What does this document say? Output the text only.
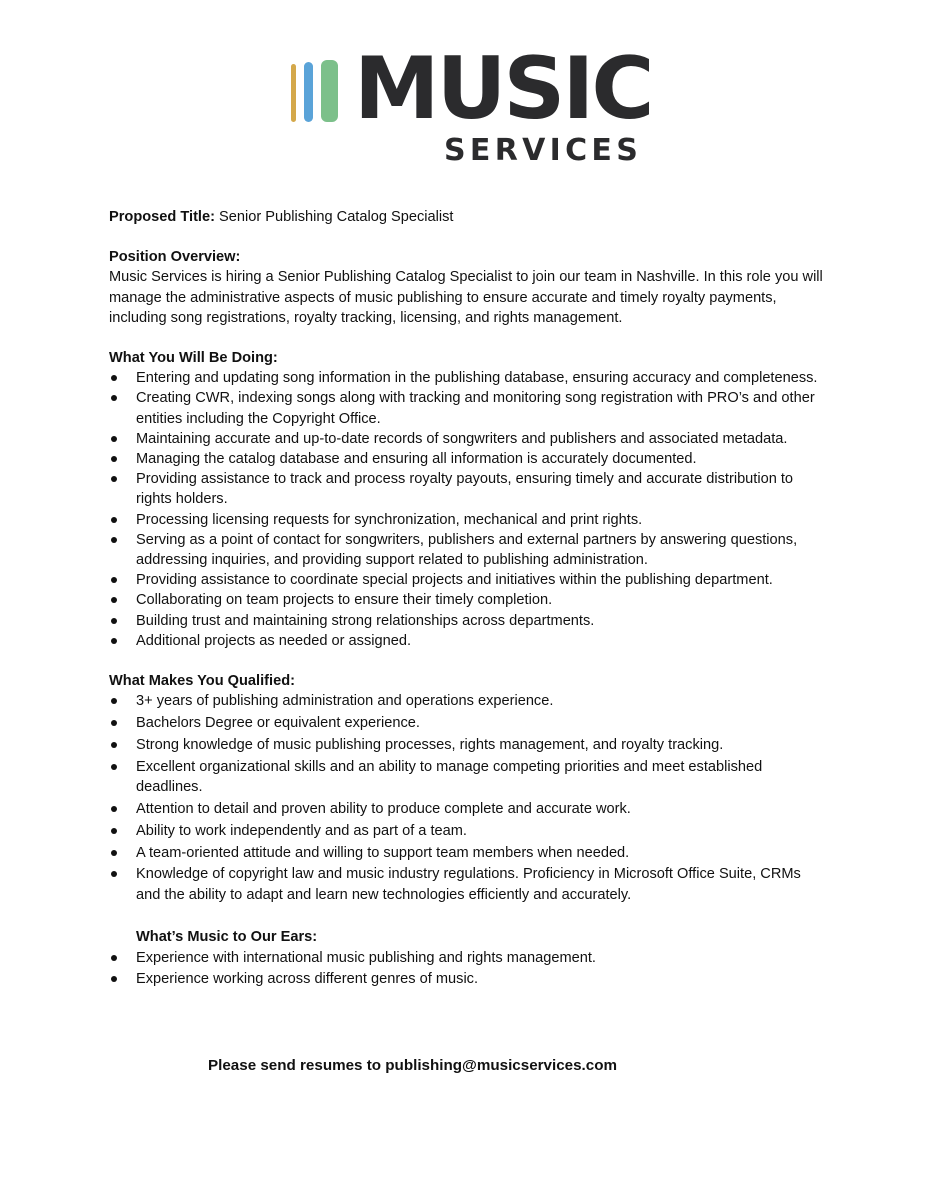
MUSIC
SERVICES

Proposed Title: Senior Publishing Catalog Specialist

Position Overview:

Music Services is hiring a Senior Publishing Catalog Specialist to join our team in Nashville. In this role you will manage the administrative aspects of music publishing to ensure accurate and timely royalty payments, including song registrations, royalty tracking, licensing, and rights management.

What You Will Be Doing:

Entering and updating song information in the publishing database, ensuring accuracy and completeness.
Creating CWR, indexing songs along with tracking and monitoring song registration with PRO’s and other entities including the Copyright Office.
Maintaining accurate and up-to-date records of songwriters and publishers and associated metadata.
Managing the catalog database and ensuring all information is accurately documented.
Providing assistance to track and process royalty payouts, ensuring timely and accurate distribution to rights holders.
Processing licensing requests for synchronization, mechanical and print rights.
Serving as a point of contact for songwriters, publishers and external partners by answering questions, addressing inquiries, and providing support related to publishing administration.
Providing assistance to coordinate special projects and initiatives within the publishing department.
Collaborating on team projects to ensure their timely completion.
Building trust and maintaining strong relationships across departments.
Additional projects as needed or assigned.

What Makes You Qualified:

3+ years of publishing administration and operations experience.
Bachelors Degree or equivalent experience.
Strong knowledge of music publishing processes, rights management, and royalty tracking.
Excellent organizational skills and an ability to manage competing priorities and meet established deadlines.
Attention to detail and proven ability to produce complete and accurate work.
Ability to work independently and as part of a team.
A team-oriented attitude and willing to support team members when needed.
Knowledge of copyright law and music industry regulations. Proficiency in Microsoft Office Suite, CRMs and the ability to adapt and learn new technologies efficiently and accurately.

What’s Music to Our Ears:

Experience with international music publishing and rights management.
Experience working across different genres of music.
Please send resumes to publishing@musicservices.com
